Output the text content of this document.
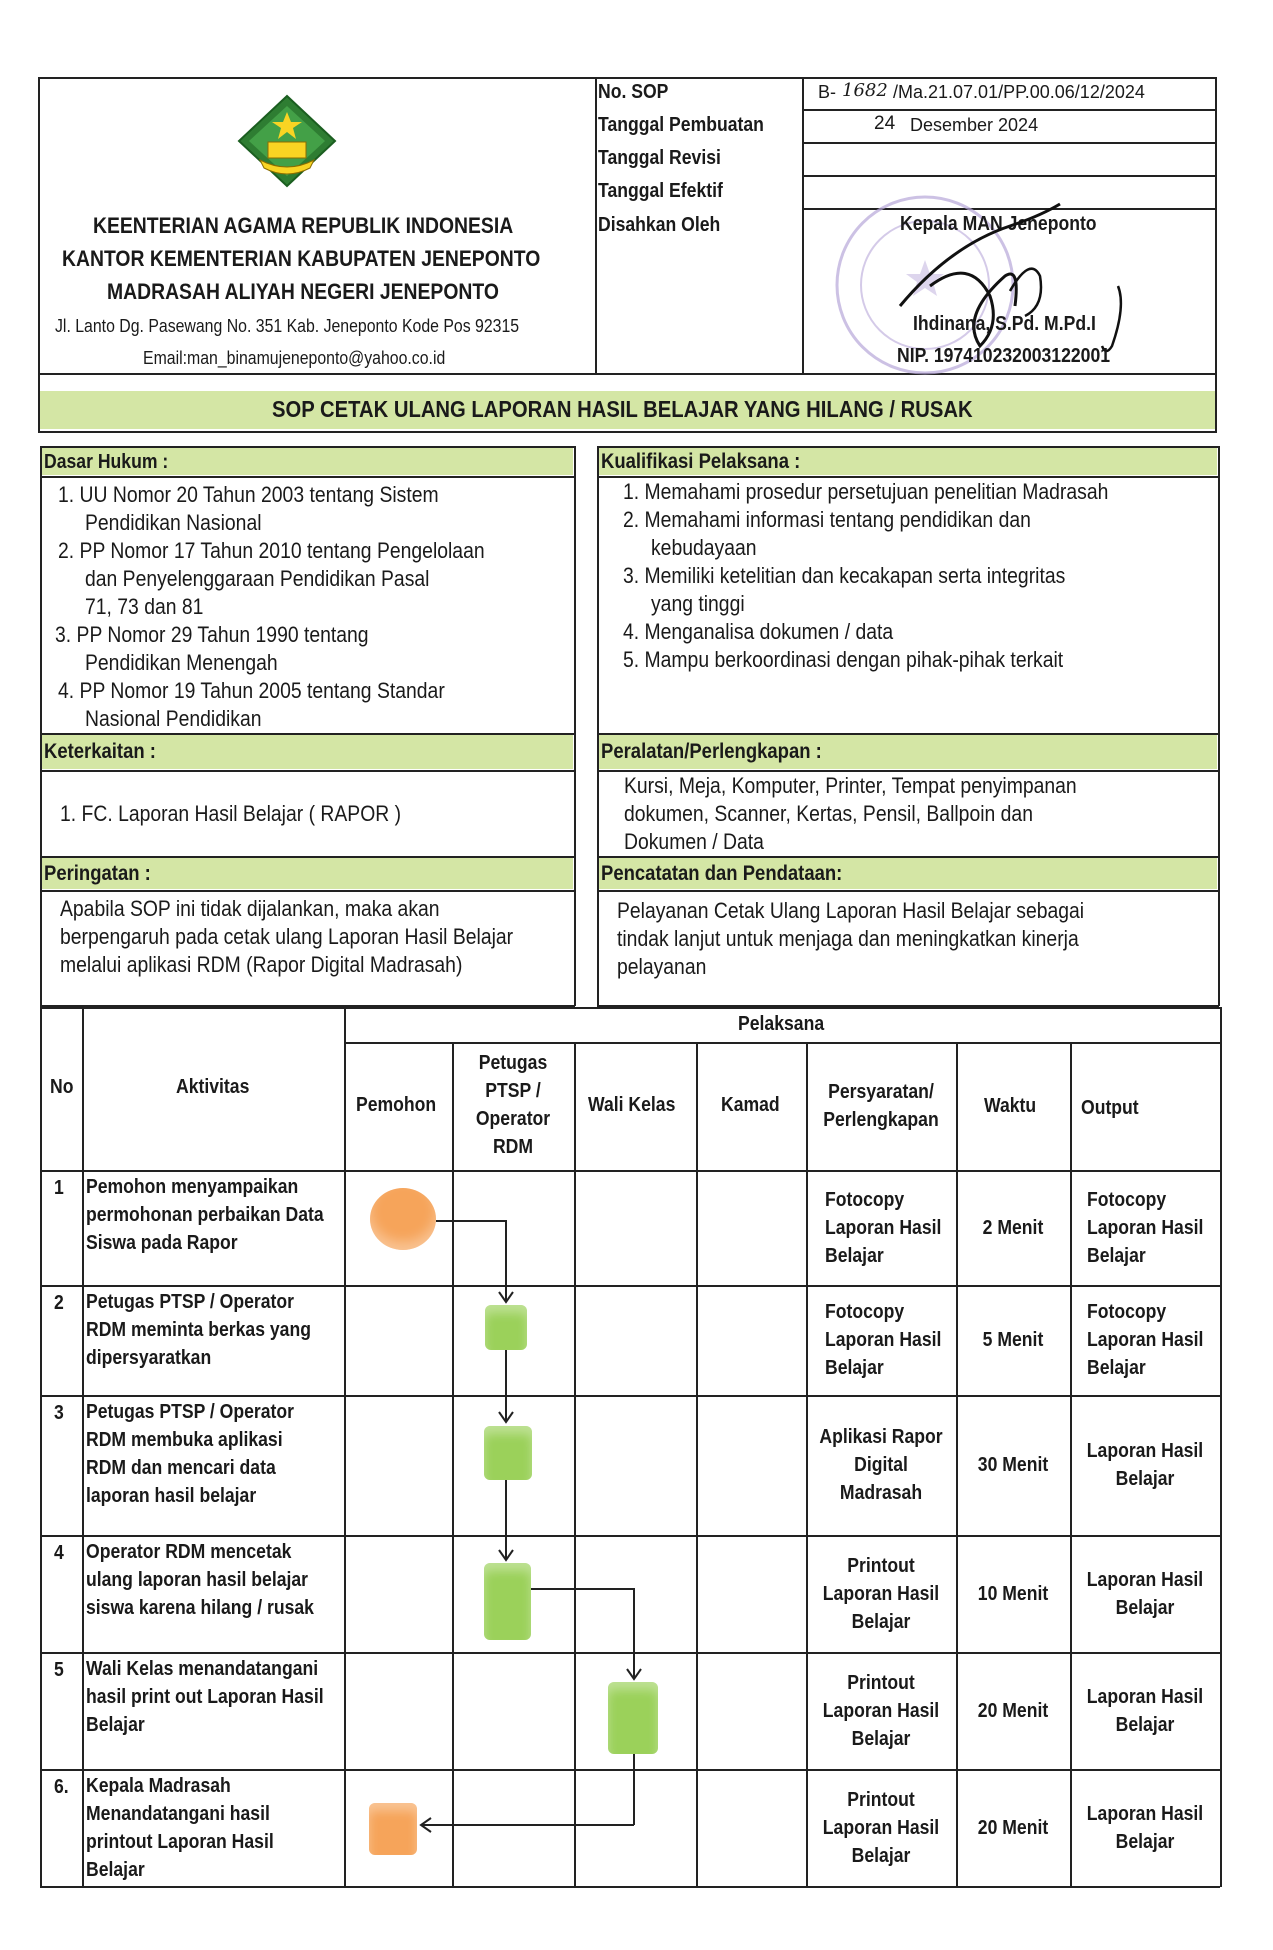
KEENTERIAN AGAMA REPUBLIK INDONESIA
KANTOR KEMENTERIAN KABUPATEN JENEPONTO
MADRASAH ALIYAH NEGERI JENEPONTO
Jl. Lanto Dg. Pasewang No. 351 Kab. Jeneponto Kode Pos 92315
Email:man_binamujeneponto@yahoo.co.id
No. SOP
Tanggal Pembuatan
Tanggal Revisi
Tanggal Efektif
Disahkan Oleh
B- 1682 /Ma.21.07.01/PP.00.06/12/2024
24 Desember 2024
Kepala MAN Jeneponto
Ihdinana, S.Pd. M.Pd.I
NIP. 197410232003122001
SOP CETAK ULANG LAPORAN HASIL BELAJAR YANG HILANG / RUSAK
Dasar Hukum :
1. UU Nomor 20 Tahun 2003 tentang Sistem
Pendidikan Nasional
2. PP Nomor 17 Tahun 2010 tentang Pengelolaan
dan Penyelenggaraan Pendidikan Pasal
71, 73 dan 81
3. PP Nomor 29 Tahun 1990 tentang
Pendidikan Menengah
4. PP Nomor 19 Tahun 2005 tentang Standar
Nasional Pendidikan
Kualifikasi Pelaksana :
1. Memahami prosedur persetujuan penelitian Madrasah
2. Memahami informasi tentang pendidikan dan
kebudayaan
3. Memiliki ketelitian dan kecakapan serta integritas
yang tinggi
4. Menganalisa dokumen / data
5. Mampu berkoordinasi dengan pihak-pihak terkait
Keterkaitan :
1. FC. Laporan Hasil Belajar ( RAPOR )
Peralatan/Perlengkapan :
Kursi, Meja, Komputer, Printer, Tempat penyimpanan
dokumen, Scanner, Kertas, Pensil, Ballpoin dan
Dokumen / Data
Peringatan :
Apabila SOP ini tidak dijalankan, maka akan
berpengaruh pada cetak ulang Laporan Hasil Belajar
melalui aplikasi RDM (Rapor Digital Madrasah)
Pencatatan dan Pendataan:
Pelayanan Cetak Ulang Laporan Hasil Belajar sebagai
tindak lanjut untuk menjaga dan meningkatkan kinerja
pelayanan
Pelaksana
No	Aktivitas
Pemohon
Petugas
PTSP /
Operator
RDM
Wali Kelas Kamad
Persyaratan/
Perlengkapan
Waktu Output
1 Pemohon menyampaikan
permohonan perbaikan Data
Siswa pada Rapor
Fotocopy
Laporan Hasil
Belajar
2 Menit
Fotocopy
Laporan Hasil
Belajar
2 Petugas PTSP / Operator
RDM meminta berkas yang
dipersyaratkan
Fotocopy
Laporan Hasil
Belajar
5 Menit
Fotocopy
Laporan Hasil
Belajar
3 Petugas PTSP / Operator
RDM membuka aplikasi
RDM dan mencari data
laporan hasil belajar
Aplikasi Rapor
Digital
Madrasah
30 Menit
Laporan Hasil
Belajar
4 Operator RDM mencetak
ulang laporan hasil belajar
siswa karena hilang / rusak
Printout
Laporan Hasil
Belajar
10 Menit
Laporan Hasil
Belajar
5 Wali Kelas menandatangani
hasil print out Laporan Hasil
Belajar
Printout
Laporan Hasil
Belajar
20 Menit
Laporan Hasil
Belajar
6. Kepala Madrasah
Menandatangani hasil
printout Laporan Hasil
Belajar
Printout
Laporan Hasil
Belajar
20 Menit
Laporan Hasil
Belajar
